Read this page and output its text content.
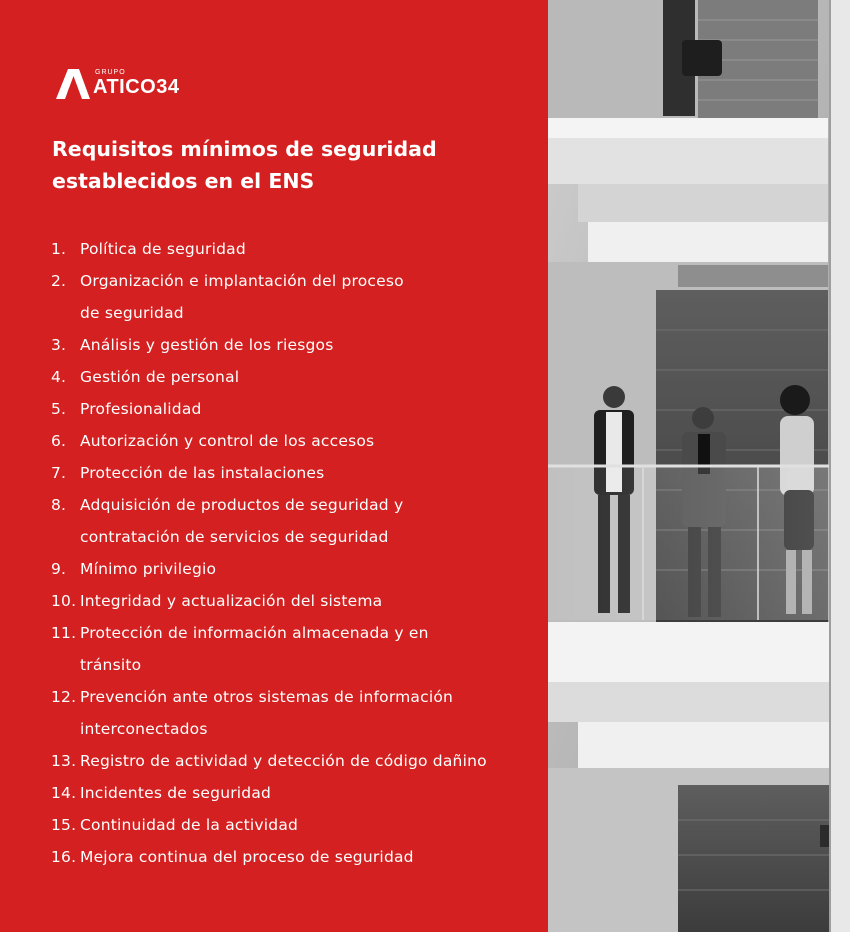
GRUPO
ATICO34
Requisitos mínimos de seguridad
establecidos en el ENS
1. Política de seguridad
2. Organización e implantación del proceso
de seguridad
3. Análisis y gestión de los riesgos
4. Gestión de personal
5. Profesionalidad
6. Autorización y control de los accesos
7. Protección de las instalaciones
8. Adquisición de productos de seguridad y
contratación de servicios de seguridad
9. Mínimo privilegio
10. Integridad y actualización del sistema
11. Protección de información almacenada y en
tránsito
12. Prevención ante otros sistemas de información
interconectados
13. Registro de actividad y detección de código dañino
14. Incidentes de seguridad
15. Continuidad de la actividad
16. Mejora continua del proceso de seguridad
